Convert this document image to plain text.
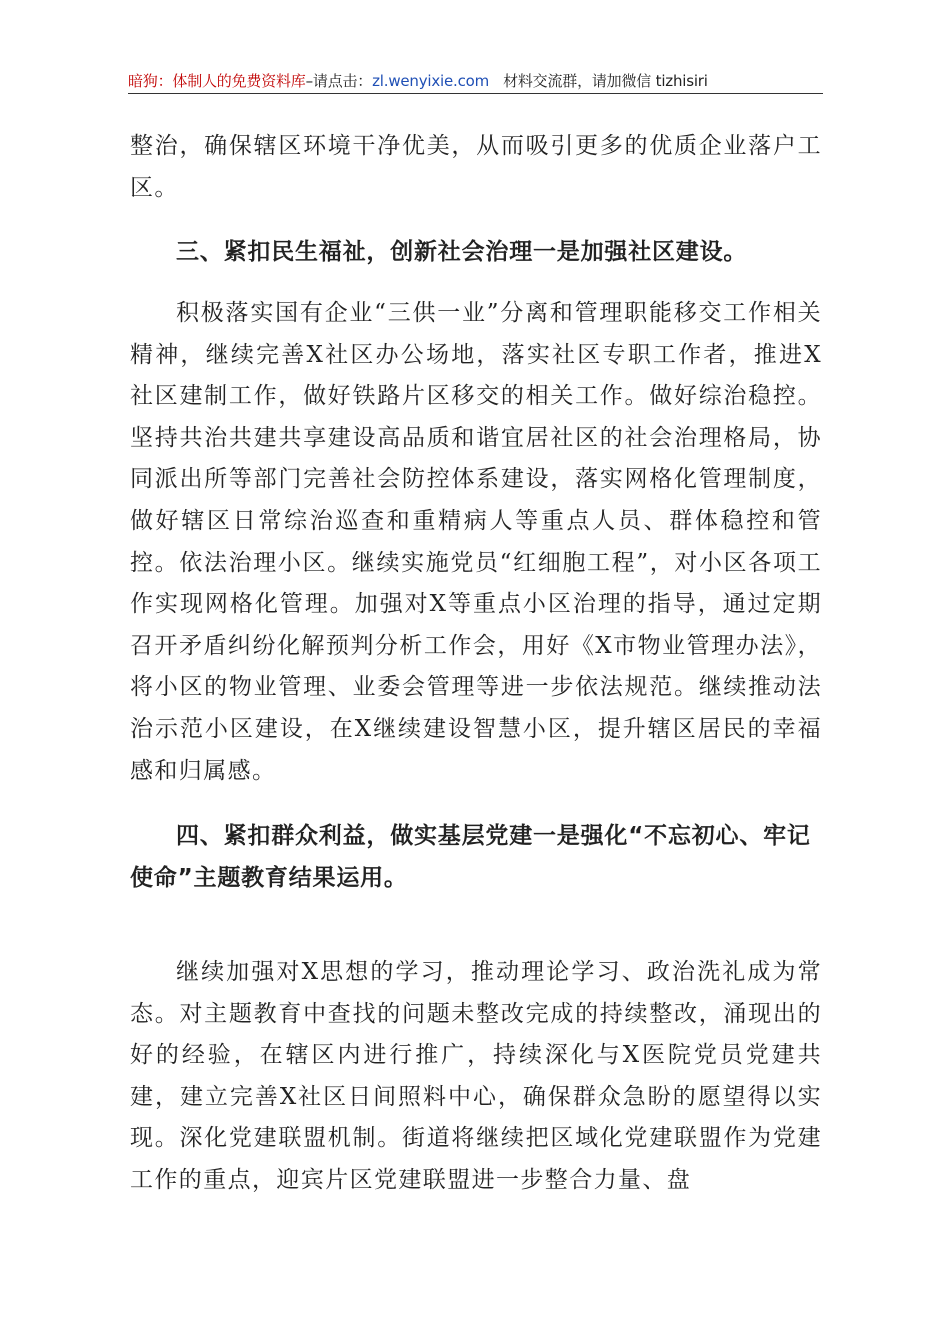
暗狗：体制人的免费资料库–请点击：zl.wenyixie.com 材料交流群，请加微信 tizhisiri

整治，确保辖区环境干净优美，从而吸引更多的优质企业落户工区。

三、紧扣民生福祉，创新社会治理一是加强社区建设。

积极落实国有企业“三供一业”分离和管理职能移交工作相关精神，继续完善X社区办公场地，落实社区专职工作者，推进X社区建制工作，做好铁路片区移交的相关工作。做好综治稳控。坚持共治共建共享建设高品质和谐宜居社区的社会治理格局，协同派出所等部门完善社会防控体系建设，落实网格化管理制度，做好辖区日常综治巡查和重精病人等重点人员、群体稳控和管控。依法治理小区。继续实施党员“红细胞工程”，对小区各项工作实现网格化管理。加强对X等重点小区治理的指导，通过定期召开矛盾纠纷化解预判分析工作会，用好《X市物业管理办法》，将小区的物业管理、业委会管理等进一步依法规范。继续推动法治示范小区建设，在X继续建设智慧小区，提升辖区居民的幸福感和归属感。

四、紧扣群众利益，做实基层党建一是强化“不忘初心、牢记使命”主题教育结果运用。

继续加强对X思想的学习，推动理论学习、政治洗礼成为常态。对主题教育中查找的问题未整改完成的持续整改，涌现出的好的经验，在辖区内进行推广，持续深化与X医院党员党建共建，建立完善X社区日间照料中心，确保群众急盼的愿望得以实现。深化党建联盟机制。街道将继续把区域化党建联盟作为党建工作的重点，迎宾片区党建联盟进一步整合力量、盘
